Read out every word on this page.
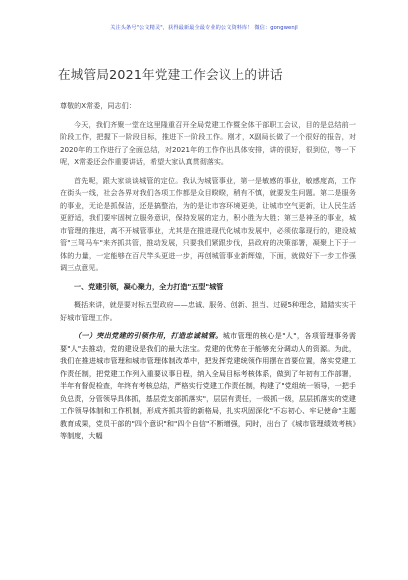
关注头条号"公文精灵"，获得最新最全最专业的公文资料库！ 微信：gongwenjl
在城管局2021年党建工作会议上的讲话

尊敬的X常委，同志们：

今天，我们齐聚一堂在这里隆重召开全局党建工作暨全体干部职工会议，目的是总结前一阶段工作，把握下一阶段目标，推进下一阶段工作。刚才，X副局长做了一个很好的报告，对2020年的工作进行了全面总结，对2021年的工作作出具体安排，讲的很好，很到位，等一下呢，X常委还会作重要讲话，希望大家认真贯彻落实。

首先呢，跟大家谈谈城管的定位。我认为城管事业，第一是敏感的事业，敏感度高，工作在街头一线，社会各界对我们各项工作都是众目睽睽，稍有不慎，就要发生问题。第二是服务的事业，无论是抓保洁，还是搞整治，为的是让市容环境更美，让城市空气更新，让人民生活更舒适，我们要牢固树立服务意识，保持发展的定力，积小胜为大胜；第三是神圣的事业，城市管理的推进，离不开城管事业，尤其是在推进现代化城市发展中，必须依靠现行的，建设城管"三驾马车"来齐抓共管，推动发展，只要我们紧跟步伐，县政府的决策部署，凝聚上下于一体的力量，一定能够在百尺竿头更进一步，再创城管事业新辉煌，下面，就做好下一步工作强调三点意见。

一、党建引领，凝心聚力，全力打造"五型"城管

概括来讲，就是要对标五型政府——忠诚、服务、创新、担当、过硬5种理念，踏踏实实干好城市管理工作。

（一）突出党建的引领作用，打造忠诚城管。城市管理的核心是"人"，各项管理事务需要"人"去推动，党的建设是我们的最大法宝。党建的优势在于能够充分调动人的资源。为此，我们在推进城市管理和城市管理体制改革中，把发挥党建统领作用摆在首要位置，落实党建工作责任制，把党建工作列入重要议事日程，纳入全局目标考核体系，做到了年初有工作部署，半年有督促检查，年终有考核总结，严格实行党建工作责任制，构建了"党组统一领导，一把手负总责，分管领导具体抓，基层党支部抓落实"，层层有责任，一级抓一级，层层抓落实的党建工作领导体制和工作机制，形成齐抓共管的新格局，扎实巩固深化"不忘初心、牢记使命"主题教育成果，党员干部的"四个意识"和"四个自信"不断增强，同时，出台了《城市管理绩效考核》等制度，大幅
